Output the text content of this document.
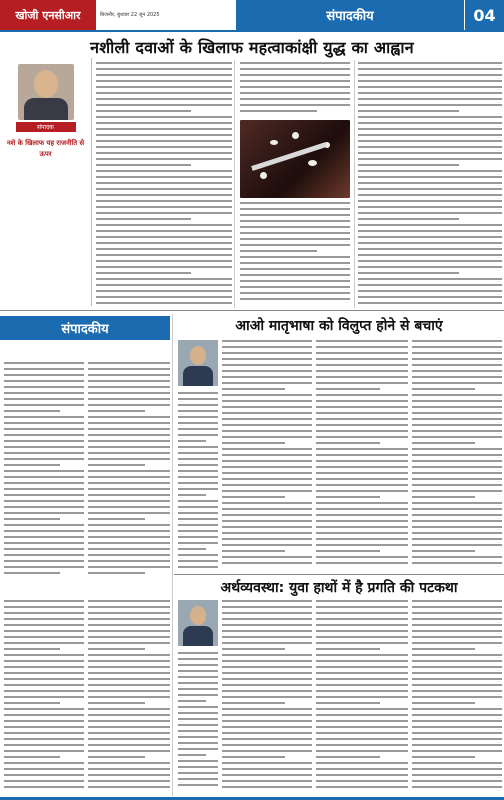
खोजी एनसीआर	बिजनौर, बुधवार 22 जून 2025	संपादकीय	04
नशीली दवाओं के खिलाफ महत्वाकांक्षी युद्ध का आह्वान
संपादक
नशे के खिलाफ यह राजनीति से ऊपर
संपादकीय	आओ मातृभाषा को विलुप्त होने से बचाएं
अर्थव्यवस्था: युवा हाथों में है प्रगति की पटकथा
